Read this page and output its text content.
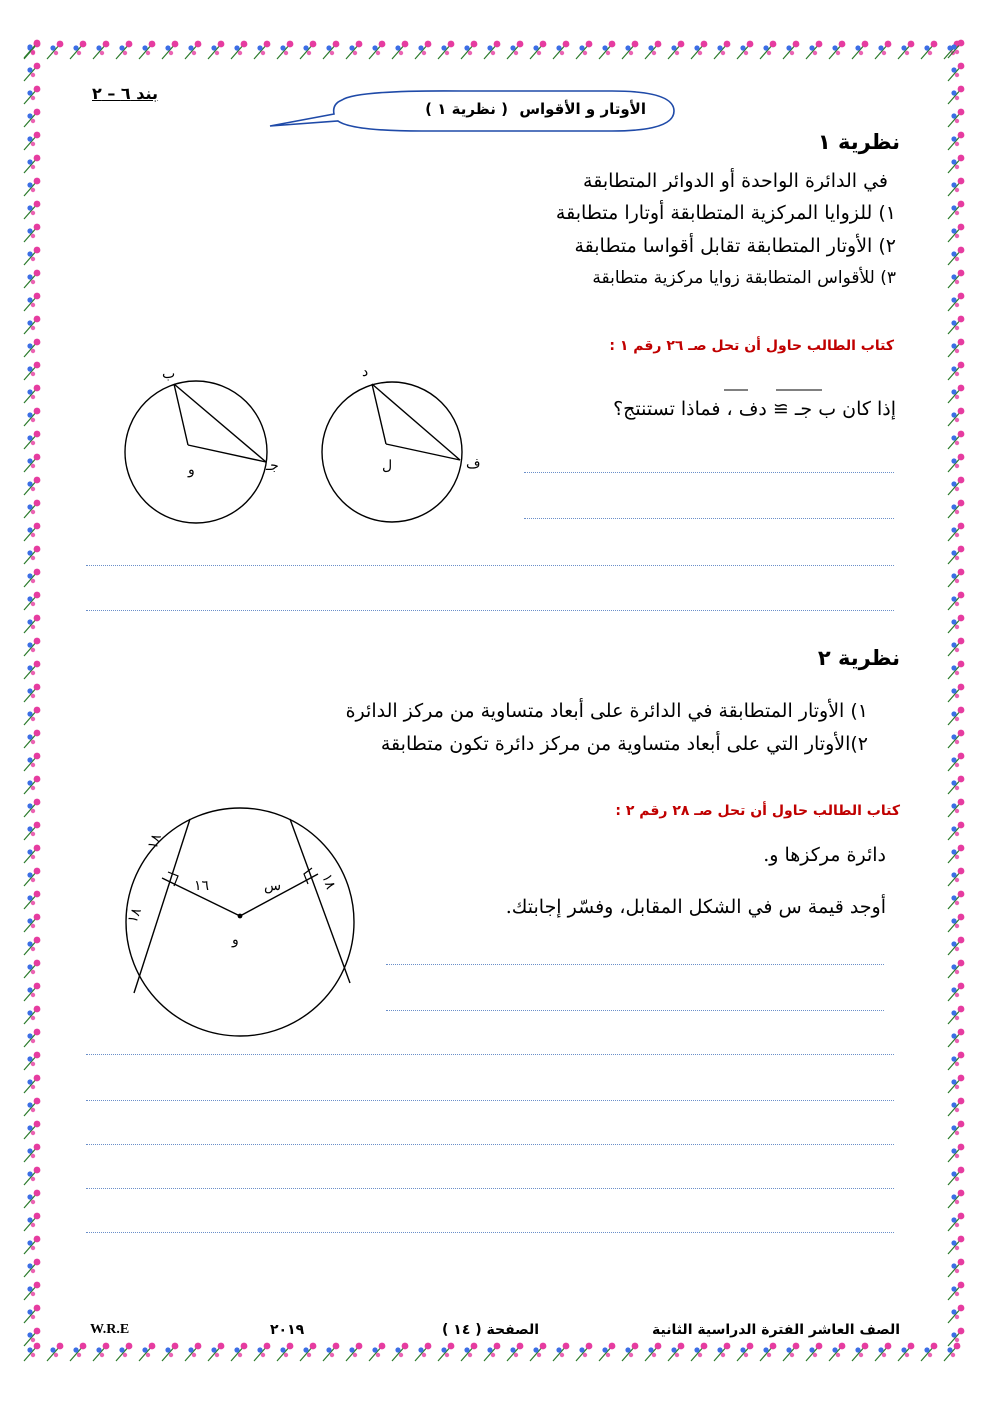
بند ٦ – ٢
( نظرية ١ ) الأوتار و الأقواس
نظرية ١
في الدائرة الواحدة أو الدوائر المتطابقة
١) للزوايا المركزية المتطابقة أوتارا متطابقة
٢) الأوتار المتطابقة تقابل أقواسا متطابقة
٣) للأقواس المتطابقة زوايا مركزية متطابقة
كتاب الطالب حاول أن تحل صـ ٢٦ رقم ١ :
إذا كان ب جـ ≅ دف ، فماذا تستنتج؟
ب
و	جـ
د
ل	ف
نظرية ٢
١) الأوتار المتطابقة في الدائرة على أبعاد متساوية من مركز الدائرة
٢)الأوتار التي على أبعاد متساوية من مركز دائرة تكون متطابقة
كتاب الطالب حاول أن تحل صـ ٢٨ رقم ٢ :
دائرة مركزها و.
أوجد قيمة س في الشكل المقابل، وفسّر إجابتك.
١٨
١٨
١٦	س	١٨
و
الصف العاشر الفترة الدراسية الثانية
الصفحة ( ١٤ )
٢٠١٩
W.R.E
